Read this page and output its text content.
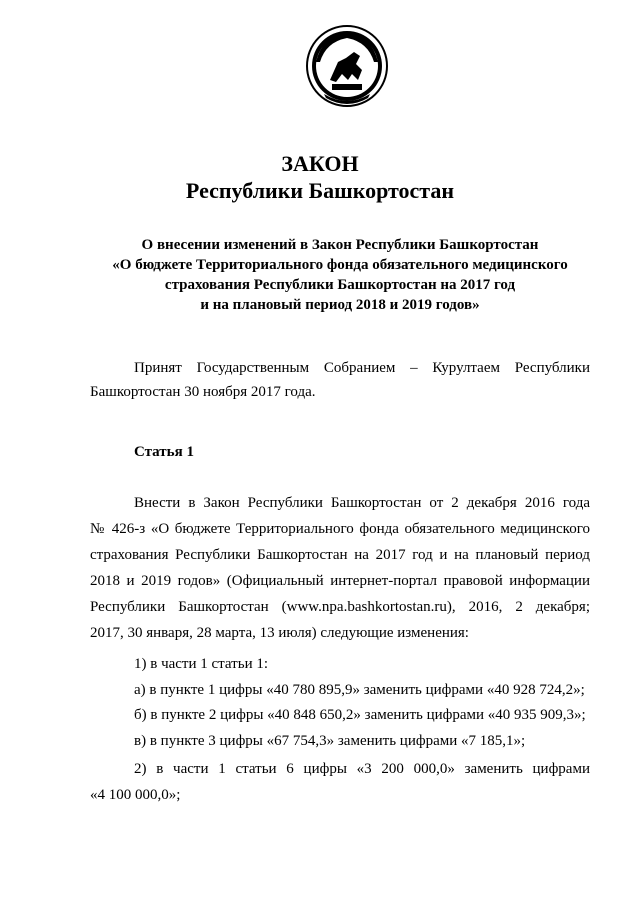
ЗАКОН
Республики Башкортостан
О внесении изменений в Закон Республики Башкортостан
«О бюджете Территориального фонда обязательного медицинского
страхования Республики Башкортостан на 2017 год
и на плановый период 2018 и 2019 годов»
Принят Государственным Собранием – Курултаем Республики
Башкортостан 30 ноября 2017 года.
Статья 1
Внести в Закон Республики Башкортостан от 2 декабря 2016 года
№ 426-з «О бюджете Территориального фонда обязательного медицинского
страхования Республики Башкортостан на 2017 год и на плановый период
2018 и 2019 годов» (Официальный интернет-портал правовой информации
Республики Башкортостан (www.npa.bashkortostan.ru), 2016, 2 декабря;
2017, 30 января, 28 марта, 13 июля) следующие изменения:
1) в части 1 статьи 1:
а) в пункте 1 цифры «40 780 895,9» заменить цифрами «40 928 724,2»;
б) в пункте 2 цифры «40 848 650,2» заменить цифрами «40 935 909,3»;
в) в пункте 3 цифры «67 754,3» заменить цифрами «7 185,1»;
2) в части 1 статьи 6 цифры «3 200 000,0» заменить цифрами
«4 100 000,0»;
